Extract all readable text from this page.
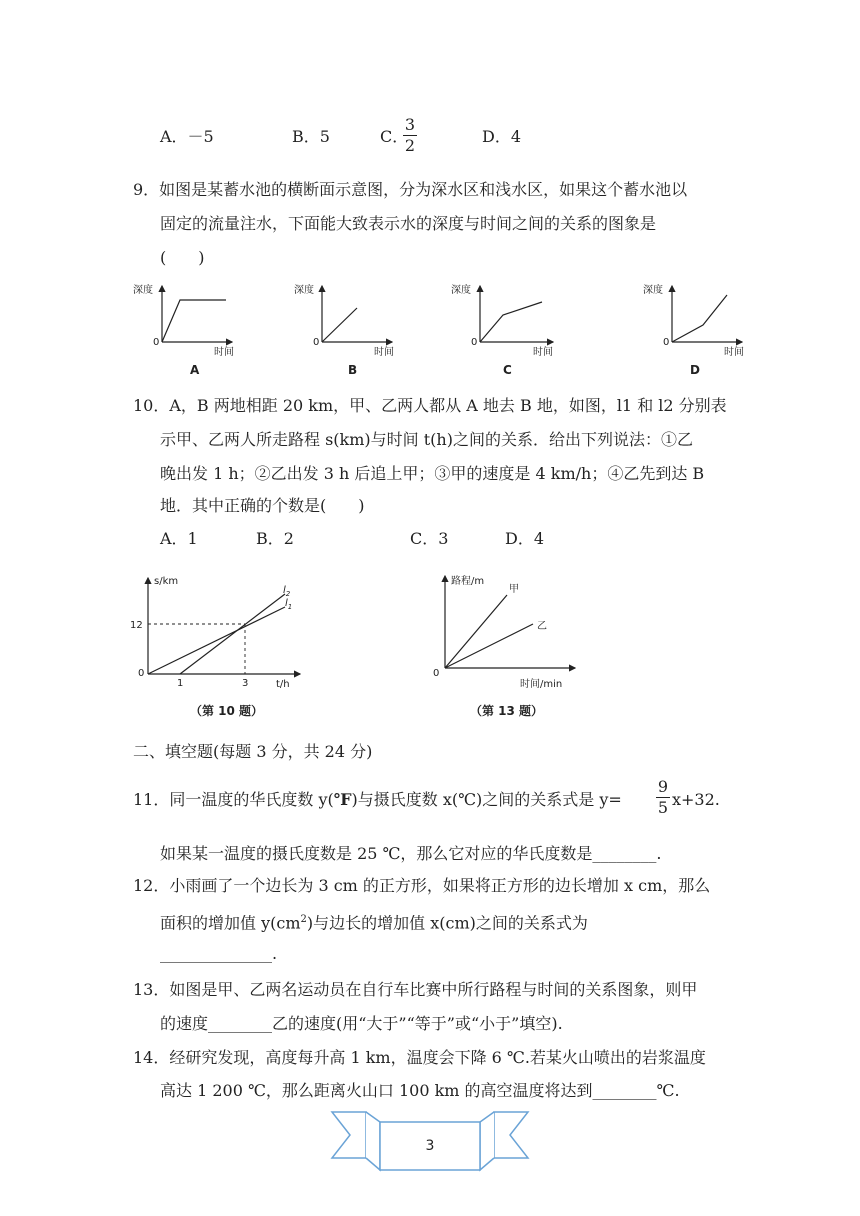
A．－5	B．5	C．
3
2	D．4
9．如图是某蓄水池的横断面示意图，分为深水区和浅水区，如果这个蓄水池以
固定的流量注水，下面能大致表示水的深度与时间之间的关系的图象是
(　　)
深度
0
时间
A
深度
0
时间
B
深度
0
时间
C
深度
0
时间
D
10．A，B 两地相距 20 km，甲、乙两人都从 A 地去 B 地，如图，l1 和 l2 分别表
示甲、乙两人所走路程 s(km)与时间 t(h)之间的关系．给出下列说法：①乙
晚出发 1 h；②乙出发 3 h 后追上甲；③甲的速度是 4 km/h；④乙先到达 B
地．其中正确的个数是(　　)
A．1	B．2	C．3	D．4
s/km
12
0
1	3	t/h
$l_2$
$l_1$
（第 10 题）
路程/m
0
时间/min
甲
乙
（第 13 题）
二、填空题(每题 3 分，共 24 分)
11．同一温度的华氏度数 y(℉)与摄氏度数 x(℃)之间的关系式是 y=
9
5 x+32.
如果某一温度的摄氏度数是 25 ℃，那么它对应的华氏度数是________.
12．小雨画了一个边长为 3 cm 的正方形，如果将正方形的边长增加 x cm，那么
面积的增加值 $y(cm^2)$与边长的增加值 x(cm)之间的关系式为
______________.
13．如图是甲、乙两名运动员在自行车比赛中所行路程与时间的关系图象，则甲
的速度________乙的速度(用“大于”“等于”或“小于”填空).
14．经研究发现，高度每升高 1 km，温度会下降 6 ℃.若某火山喷出的岩浆温度
高达 1 200 ℃，那么距离火山口 100 km 的高空温度将达到________℃.
3
